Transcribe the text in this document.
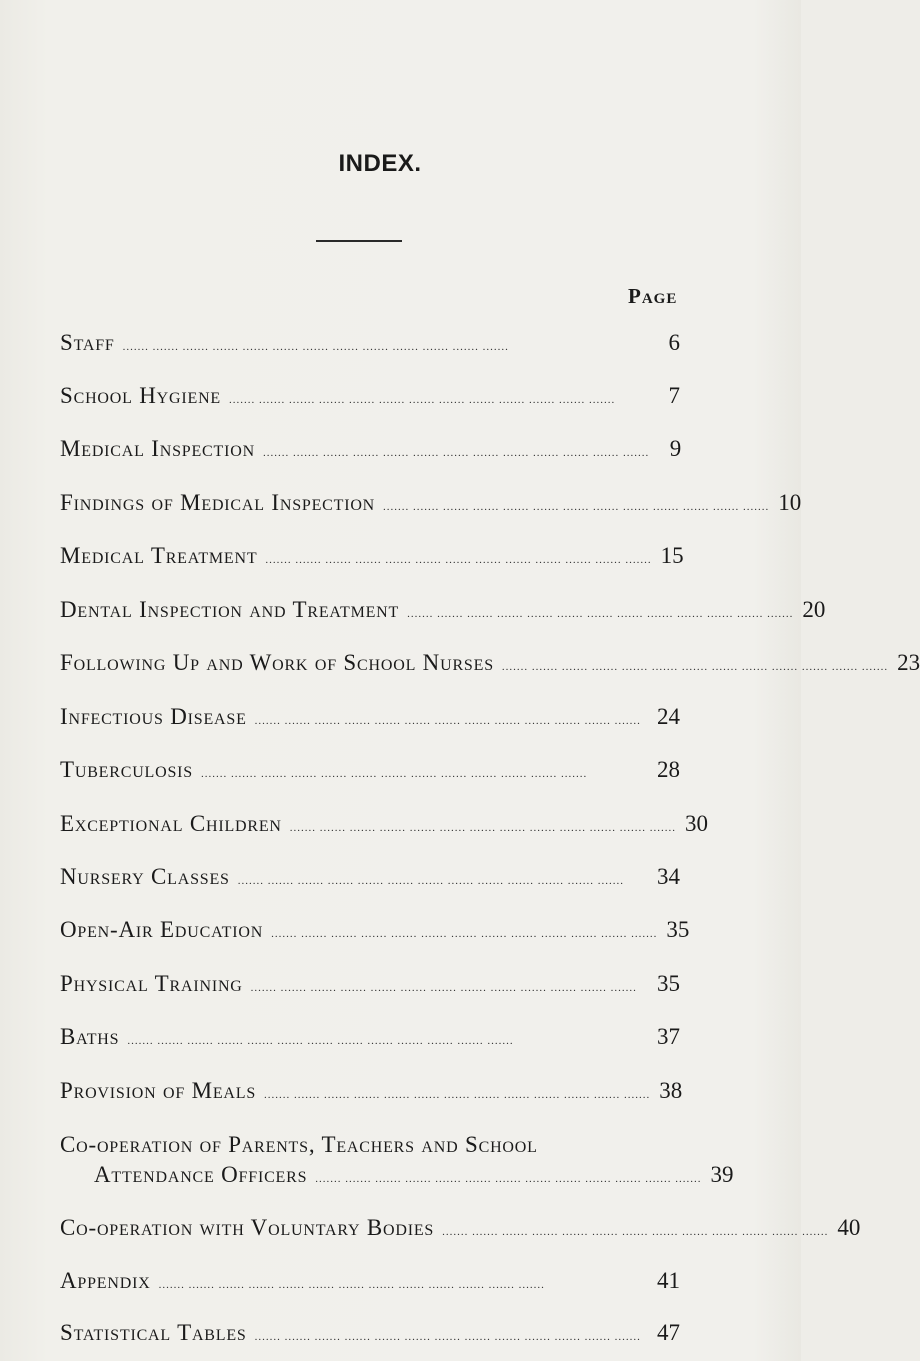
INDEX.
Page
Staff ....... ....... ....... ....... ....... ....... ....... ....... ....... ....... ....... ....... .......	6
School Hygiene ....... ....... ....... ....... ....... ....... ....... ....... ....... ....... ....... ....... .......	7
Medical Inspection ....... ....... ....... ....... ....... ....... ....... ....... ....... ....... ....... ....... ....... 9
Findings of Medical Inspection ....... ....... ....... ....... ....... ....... ....... ....... ....... ....... ....... ....... ....... 10
Medical Treatment ....... ....... ....... ....... ....... ....... ....... ....... ....... ....... ....... ....... ....... 15
Dental Inspection and Treatment ....... ....... ....... ....... ....... ....... ....... ....... ....... ....... ....... ....... ....... 20
Following Up and Work of School Nurses ....... ....... ....... ....... ....... ....... ....... ....... ....... ....... ....... ....... ....... 23
Infectious Disease ....... ....... ....... ....... ....... ....... ....... ....... ....... ....... ....... ....... ....... 24
Tuberculosis ....... ....... ....... ....... ....... ....... ....... ....... ....... ....... ....... ....... .......	28
Exceptional Children ....... ....... ....... ....... ....... ....... ....... ....... ....... ....... ....... ....... ....... 30
Nursery Classes ....... ....... ....... ....... ....... ....... ....... ....... ....... ....... ....... ....... .......	34
Open-Air Education ....... ....... ....... ....... ....... ....... ....... ....... ....... ....... ....... ....... ....... 35
Physical Training ....... ....... ....... ....... ....... ....... ....... ....... ....... ....... ....... ....... ....... 35
Baths ....... ....... ....... ....... ....... ....... ....... ....... ....... ....... ....... ....... .......	37
Provision of Meals ....... ....... ....... ....... ....... ....... ....... ....... ....... ....... ....... ....... ....... 38
Co-operation of Parents, Teachers and School
Attendance Officers ....... ....... ....... ....... ....... ....... ....... ....... ....... ....... ....... ....... ....... 39
Co-operation with Voluntary Bodies ....... ....... ....... ....... ....... ....... ....... ....... ....... ....... ....... ....... ....... 40
Appendix ....... ....... ....... ....... ....... ....... ....... ....... ....... ....... ....... ....... .......	41
Statistical Tables ....... ....... ....... ....... ....... ....... ....... ....... ....... ....... ....... ....... ....... 47
